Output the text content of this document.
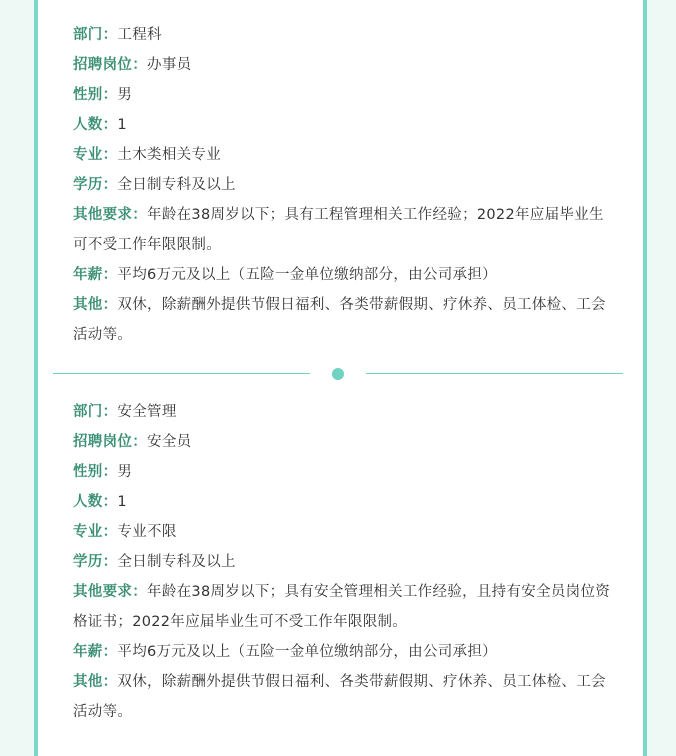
部门：工程科
招聘岗位：办事员
性别：男
人数：1
专业：土木类相关专业
学历：全日制专科及以上
其他要求：年龄在38周岁以下；具有工程管理相关工作经验；2022年应届毕业生可不受工作年限限制。
年薪：平均6万元及以上（五险一金单位缴纳部分，由公司承担）
其他：双休，除薪酬外提供节假日福利、各类带薪假期、疗休养、员工体检、工会活动等。
部门：安全管理
招聘岗位：安全员
性别：男
人数：1
专业：专业不限
学历：全日制专科及以上
其他要求：年龄在38周岁以下；具有安全管理相关工作经验，且持有安全员岗位资格证书；2022年应届毕业生可不受工作年限限制。
年薪：平均6万元及以上（五险一金单位缴纳部分，由公司承担）
其他：双休，除薪酬外提供节假日福利、各类带薪假期、疗休养、员工体检、工会活动等。
